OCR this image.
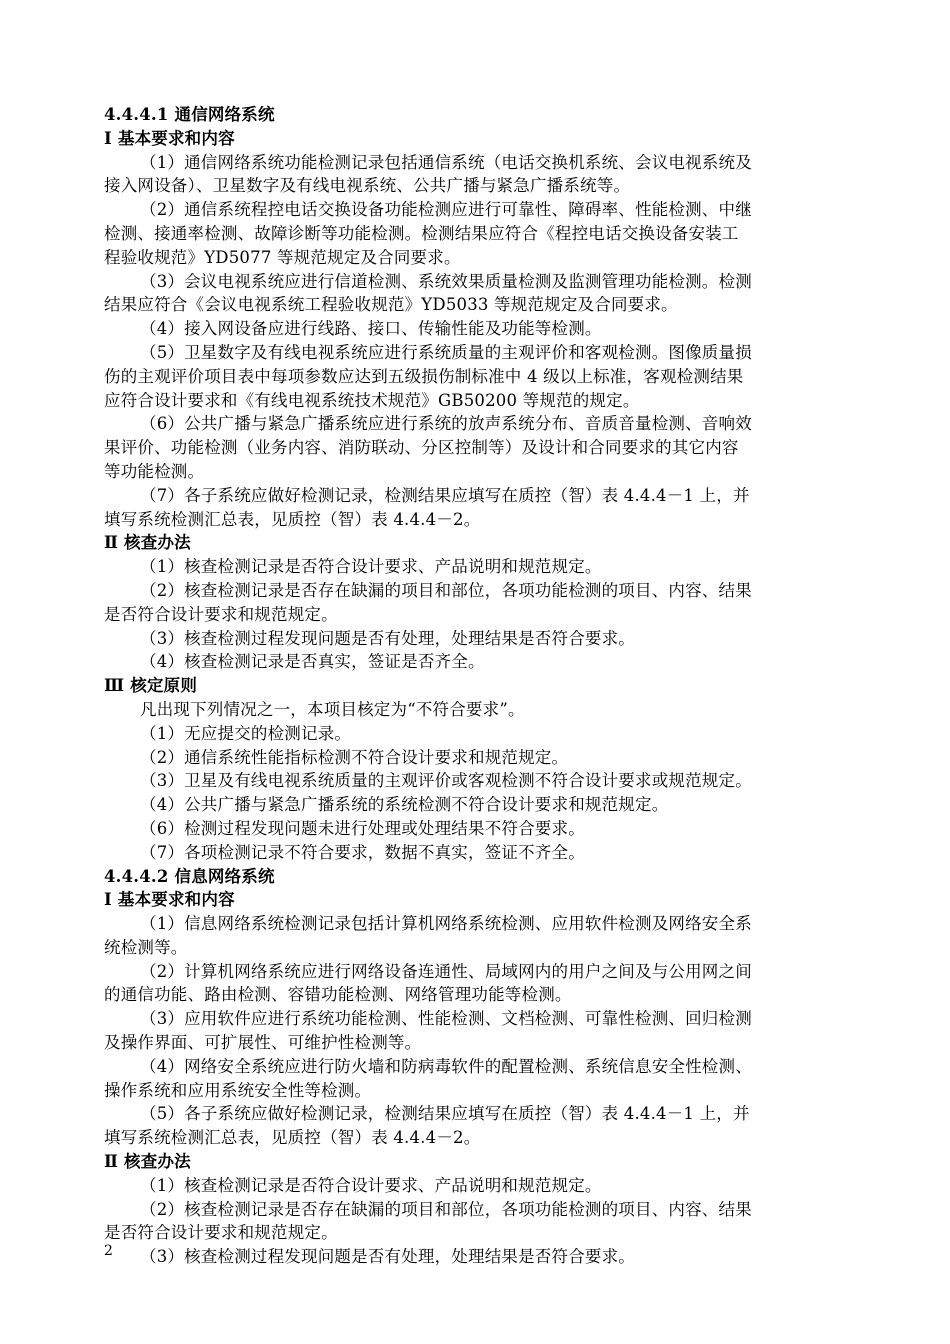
4.4.4.1 通信网络系统
Ⅰ 基本要求和内容
（1）通信网络系统功能检测记录包括通信系统（电话交换机系统、会议电视系统及
接入网设备）、卫星数字及有线电视系统、公共广播与紧急广播系统等。
（2）通信系统程控电话交换设备功能检测应进行可靠性、障碍率、性能检测、中继
检测、接通率检测、故障诊断等功能检测。检测结果应符合《程控电话交换设备安装工
程验收规范》YD5077 等规范规定及合同要求。
（3）会议电视系统应进行信道检测、系统效果质量检测及监测管理功能检测。检测
结果应符合《会议电视系统工程验收规范》YD5033 等规范规定及合同要求。
（4）接入网设备应进行线路、接口、传输性能及功能等检测。
（5）卫星数字及有线电视系统应进行系统质量的主观评价和客观检测。图像质量损
伤的主观评价项目表中每项参数应达到五级损伤制标准中 4 级以上标准，客观检测结果
应符合设计要求和《有线电视系统技术规范》GB50200 等规范的规定。
（6）公共广播与紧急广播系统应进行系统的放声系统分布、音质音量检测、音响效
果评价、功能检测（业务内容、消防联动、分区控制等）及设计和合同要求的其它内容
等功能检测。
（7）各子系统应做好检测记录，检测结果应填写在质控（智）表 4.4.4－1 上，并
填写系统检测汇总表，见质控（智）表 4.4.4－2。
Ⅱ 核查办法
（1）核查检测记录是否符合设计要求、产品说明和规范规定。
（2）核查检测记录是否存在缺漏的项目和部位，各项功能检测的项目、内容、结果
是否符合设计要求和规范规定。
（3）核查检测过程发现问题是否有处理，处理结果是否符合要求。
（4）核查检测记录是否真实，签证是否齐全。
Ⅲ 核定原则
凡出现下列情况之一，本项目核定为“不符合要求”。
（1）无应提交的检测记录。
（2）通信系统性能指标检测不符合设计要求和规范规定。
（3）卫星及有线电视系统质量的主观评价或客观检测不符合设计要求或规范规定。
（4）公共广播与紧急广播系统的系统检测不符合设计要求和规范规定。
（6）检测过程发现问题未进行处理或处理结果不符合要求。
（7）各项检测记录不符合要求，数据不真实，签证不齐全。
4.4.4.2 信息网络系统
Ⅰ 基本要求和内容
（1）信息网络系统检测记录包括计算机网络系统检测、应用软件检测及网络安全系
统检测等。
（2）计算机网络系统应进行网络设备连通性、局域网内的用户之间及与公用网之间
的通信功能、路由检测、容错功能检测、网络管理功能等检测。
（3）应用软件应进行系统功能检测、性能检测、文档检测、可靠性检测、回归检测
及操作界面、可扩展性、可维护性检测等。
（4）网络安全系统应进行防火墙和防病毒软件的配置检测、系统信息安全性检测、
操作系统和应用系统安全性等检测。
（5）各子系统应做好检测记录，检测结果应填写在质控（智）表 4.4.4－1 上，并
填写系统检测汇总表，见质控（智）表 4.4.4－2。
Ⅱ 核查办法
（1）核查检测记录是否符合设计要求、产品说明和规范规定。
（2）核查检测记录是否存在缺漏的项目和部位，各项功能检测的项目、内容、结果
是否符合设计要求和规范规定。
（3）核查检测过程发现问题是否有处理，处理结果是否符合要求。
2
